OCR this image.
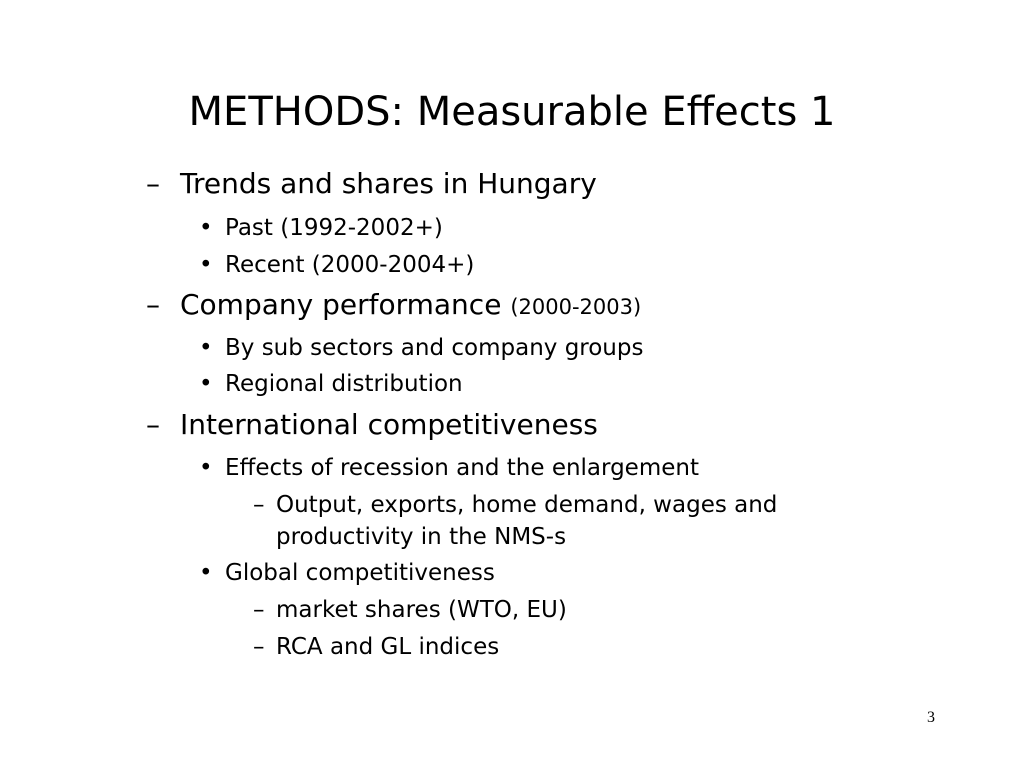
METHODS: Measurable Effects 1
– Trends and shares in Hungary
• Past (1992-2002+)
• Recent (2000-2004+)
– Company performance (2000-2003)
• By sub sectors and company groups
• Regional distribution
– International competitiveness
• Effects of recession and the enlargement
– Output, exports, home demand, wages and
productivity in the NMS-s
• Global competitiveness
– market shares (WTO, EU)
– RCA and GL indices
3
